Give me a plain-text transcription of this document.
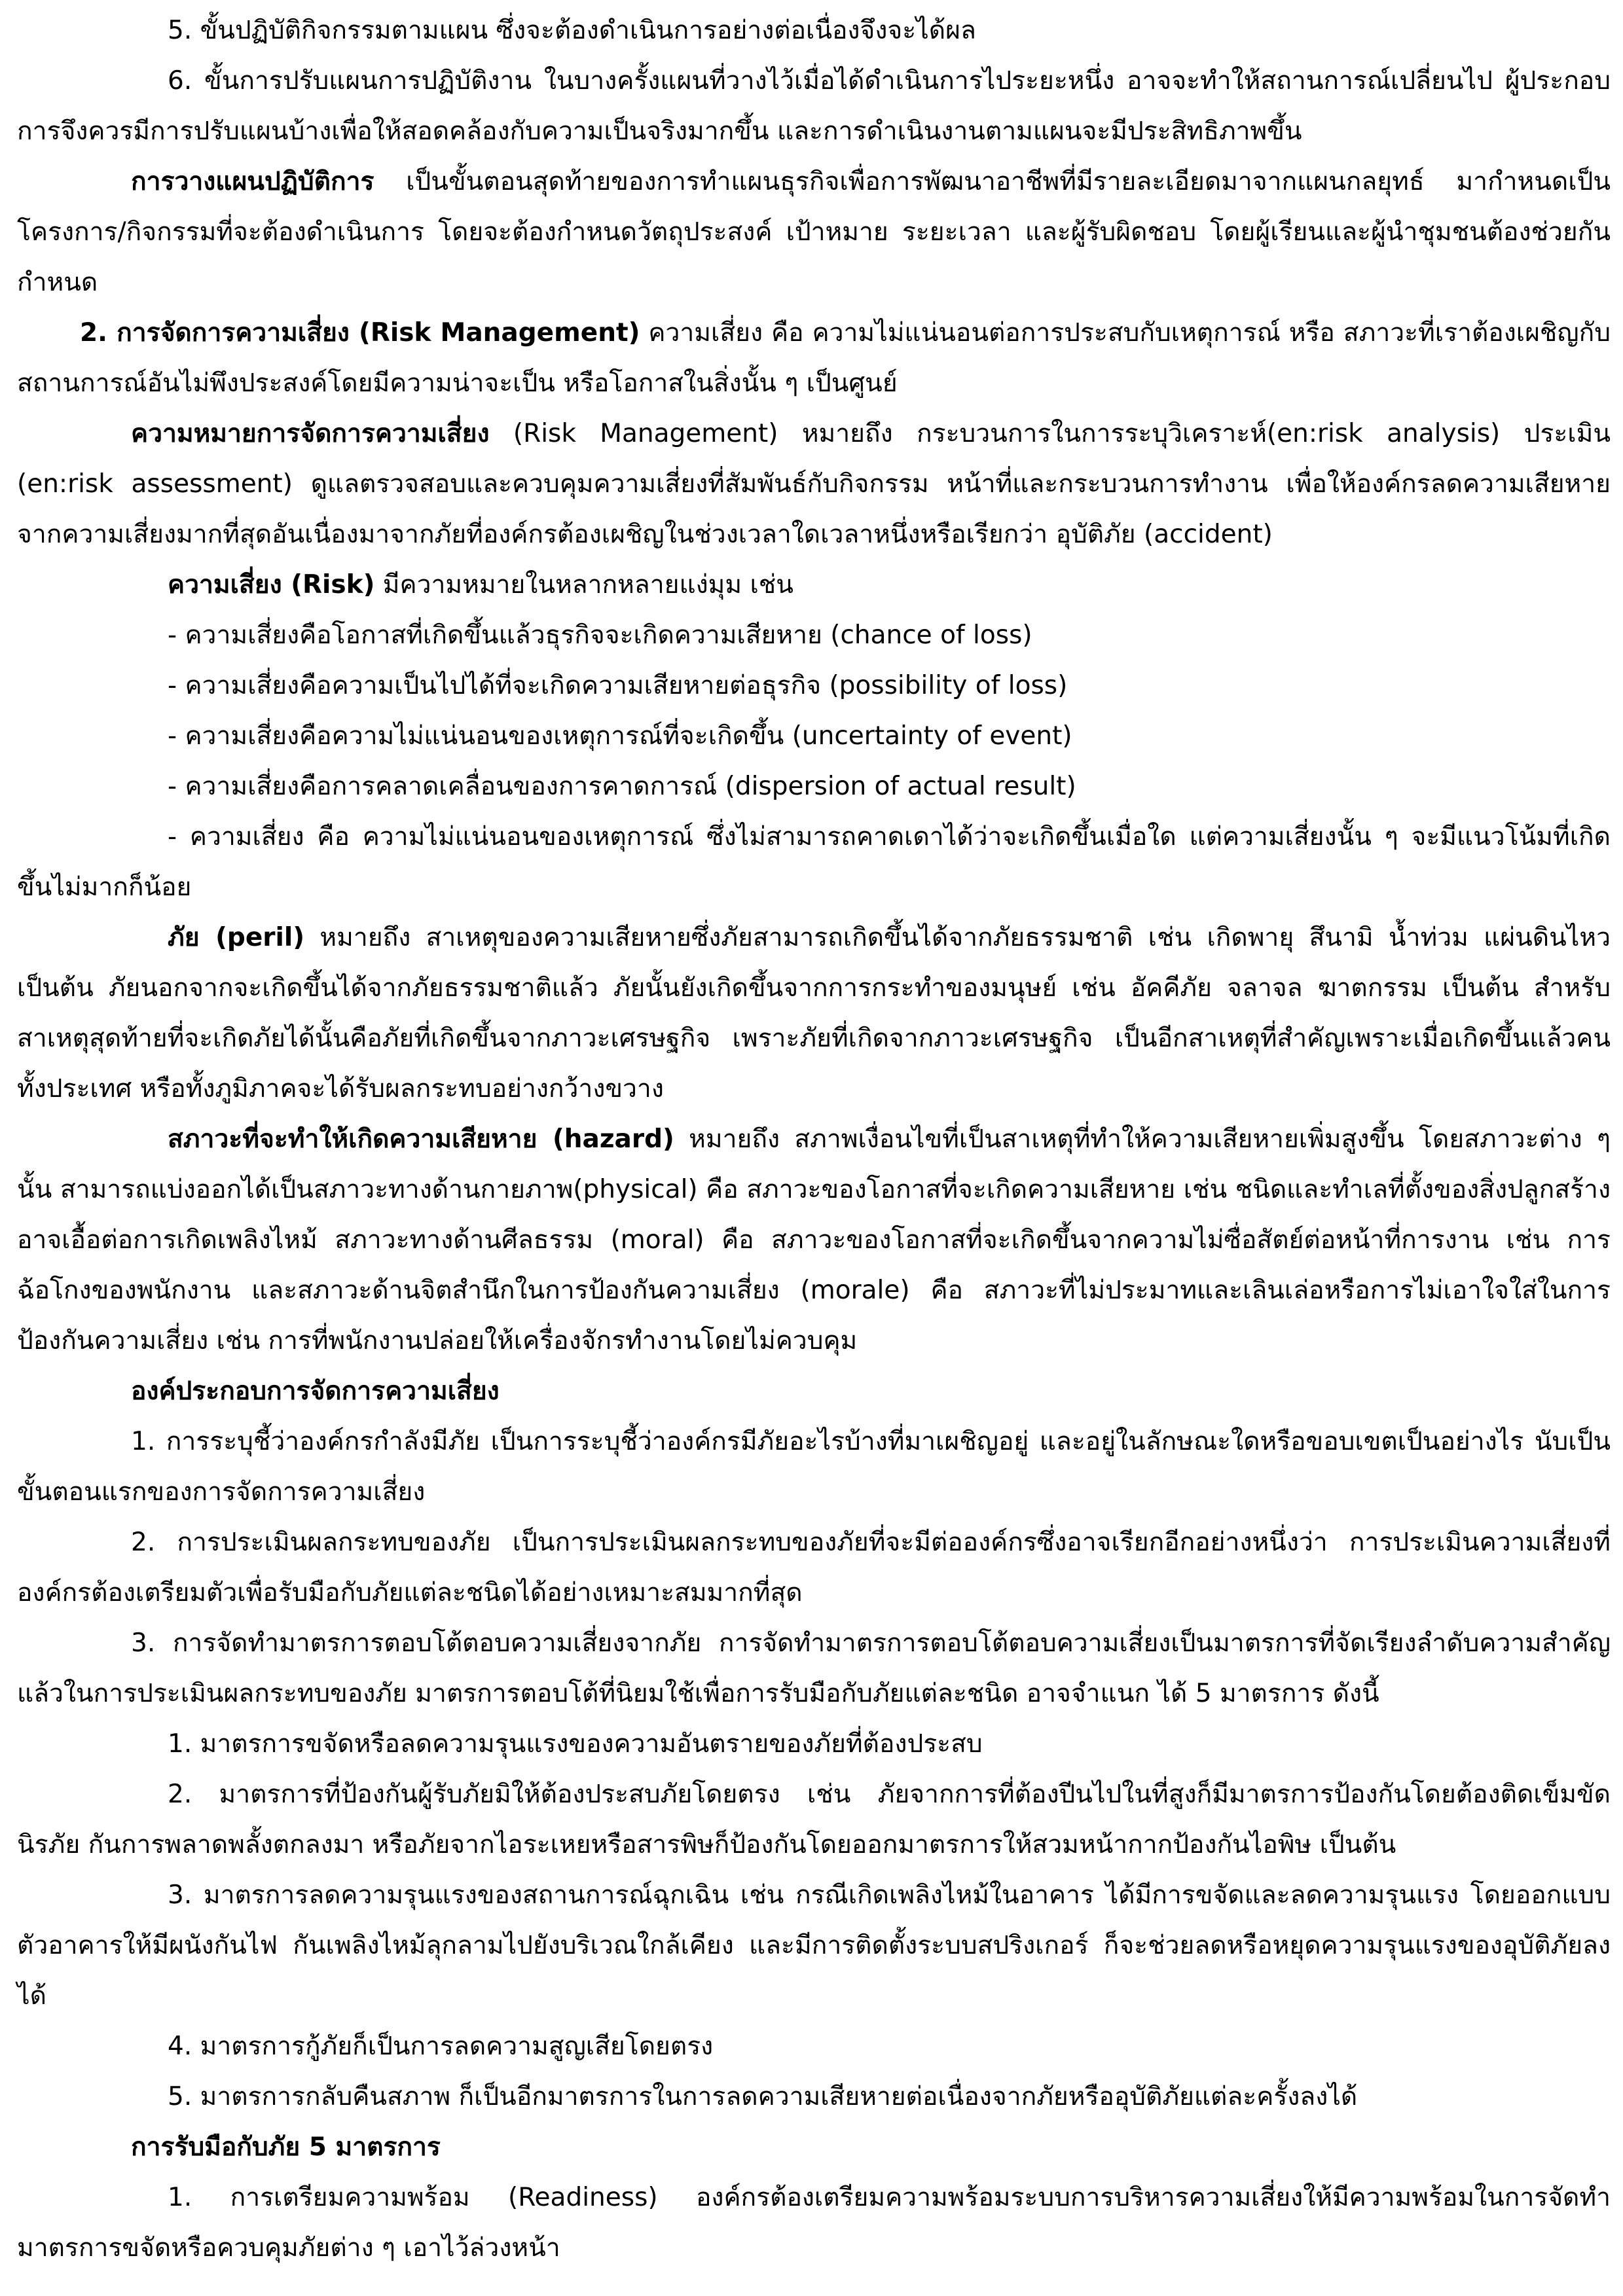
5. ขั้นปฏิบัติกิจกรรมตามแผน ซึ่งจะต้องดำเนินการอย่างต่อเนื่องจึงจะได้ผล

6. ขั้นการปรับแผนการปฏิบัติงาน ในบางครั้งแผนที่วางไว้เมื่อได้ดำเนินการไประยะหนึ่ง อาจจะทำให้สถานการณ์เปลี่ยนไป ผู้ประกอบการจึงควรมีการปรับแผนบ้างเพื่อให้สอดคล้องกับความเป็นจริงมากขึ้น และการดำเนินงานตามแผนจะมีประสิทธิภาพขึ้น

การวางแผนปฏิบัติการ เป็นขั้นตอนสุดท้ายของการทำแผนธุรกิจเพื่อการพัฒนาอาชีพที่มีรายละเอียดมาจากแผนกลยุทธ์ มากำหนดเป็นโครงการ/กิจกรรมที่จะต้องดำเนินการ โดยจะต้องกำหนดวัตถุประสงค์ เป้าหมาย ระยะเวลา และผู้รับผิดชอบ โดยผู้เรียนและผู้นำชุมชนต้องช่วยกันกำหนด

2. การจัดการความเสี่ยง (Risk Management) ความเสี่ยง คือ ความไม่แน่นอนต่อการประสบกับเหตุการณ์ หรือ สภาวะที่เราต้องเผชิญกับสถานการณ์อันไม่พึงประสงค์โดยมีความน่าจะเป็น หรือโอกาสในสิ่งนั้น ๆ เป็นศูนย์

ความหมายการจัดการความเสี่ยง (Risk Management) หมายถึง กระบวนการในการระบุวิเคราะห์(en:risk analysis) ประเมิน (en:risk assessment) ดูแลตรวจสอบและควบคุมความเสี่ยงที่สัมพันธ์กับกิจกรรม หน้าที่และกระบวนการทำงาน เพื่อให้องค์กรลดความเสียหายจากความเสี่ยงมากที่สุดอันเนื่องมาจากภัยที่องค์กรต้องเผชิญในช่วงเวลาใดเวลาหนึ่งหรือเรียกว่า อุบัติภัย (accident)

ความเสี่ยง (Risk) มีความหมายในหลากหลายแง่มุม เช่น

- ความเสี่ยงคือโอกาสที่เกิดขึ้นแล้วธุรกิจจะเกิดความเสียหาย (chance of loss)

- ความเสี่ยงคือความเป็นไปได้ที่จะเกิดความเสียหายต่อธุรกิจ (possibility of loss)

- ความเสี่ยงคือความไม่แน่นอนของเหตุการณ์ที่จะเกิดขึ้น (uncertainty of event)

- ความเสี่ยงคือการคลาดเคลื่อนของการคาดการณ์ (dispersion of actual result)

- ความเสี่ยง คือ ความไม่แน่นอนของเหตุการณ์ ซึ่งไม่สามารถคาดเดาได้ว่าจะเกิดขึ้นเมื่อใด แต่ความเสี่ยงนั้น ๆ จะมีแนวโน้มที่เกิดขึ้นไม่มากก็น้อย

ภัย (peril) หมายถึง สาเหตุของความเสียหายซึ่งภัยสามารถเกิดขึ้นได้จากภัยธรรมชาติ เช่น เกิดพายุ สึนามิ น้ำท่วม แผ่นดินไหว เป็นต้น ภัยนอกจากจะเกิดขึ้นได้จากภัยธรรมชาติแล้ว ภัยนั้นยังเกิดขึ้นจากการกระทำของมนุษย์ เช่น อัคคีภัย จลาจล ฆาตกรรม เป็นต้น สำหรับสาเหตุสุดท้ายที่จะเกิดภัยได้นั้นคือภัยที่เกิดขึ้นจากภาวะเศรษฐกิจ เพราะภัยที่เกิดจากภาวะเศรษฐกิจ เป็นอีกสาเหตุที่สำคัญเพราะเมื่อเกิดขึ้นแล้วคนทั้งประเทศ หรือทั้งภูมิภาคจะได้รับผลกระทบอย่างกว้างขวาง

สภาวะที่จะทำให้เกิดความเสียหาย (hazard) หมายถึง สภาพเงื่อนไขที่เป็นสาเหตุที่ทำให้ความเสียหายเพิ่มสูงขึ้น โดยสภาวะต่าง ๆ นั้น สามารถแบ่งออกได้เป็นสภาวะทางด้านกายภาพ(physical) คือ สภาวะของโอกาสที่จะเกิดความเสียหาย เช่น ชนิดและทำเลที่ตั้งของสิ่งปลูกสร้าง อาจเอื้อต่อการเกิดเพลิงไหม้ สภาวะทางด้านศีลธรรม (moral) คือ สภาวะของโอกาสที่จะเกิดขึ้นจากความไม่ซื่อสัตย์ต่อหน้าที่การงาน เช่น การฉ้อโกงของพนักงาน และสภาวะด้านจิตสำนึกในการป้องกันความเสี่ยง (morale) คือ สภาวะที่ไม่ประมาทและเลินเล่อหรือการไม่เอาใจใส่ในการป้องกันความเสี่ยง เช่น การที่พนักงานปล่อยให้เครื่องจักรทำงานโดยไม่ควบคุม

องค์ประกอบการจัดการความเสี่ยง

1. การระบุชี้ว่าองค์กรกำลังมีภัย เป็นการระบุชี้ว่าองค์กรมีภัยอะไรบ้างที่มาเผชิญอยู่ และอยู่ในลักษณะใดหรือขอบเขตเป็นอย่างไร นับเป็นขั้นตอนแรกของการจัดการความเสี่ยง

2. การประเมินผลกระทบของภัย เป็นการประเมินผลกระทบของภัยที่จะมีต่อองค์กรซึ่งอาจเรียกอีกอย่างหนึ่งว่า การประเมินความเสี่ยงที่องค์กรต้องเตรียมตัวเพื่อรับมือกับภัยแต่ละชนิดได้อย่างเหมาะสมมากที่สุด

3. การจัดทำมาตรการตอบโต้ตอบความเสี่ยงจากภัย การจัดทำมาตรการตอบโต้ตอบความเสี่ยงเป็นมาตรการที่จัดเรียงลำดับความสำคัญแล้วในการประเมินผลกระทบของภัย มาตรการตอบโต้ที่นิยมใช้เพื่อการรับมือกับภัยแต่ละชนิด อาจจำแนก ได้ 5 มาตรการ ดังนี้

1. มาตรการขจัดหรือลดความรุนแรงของความอันตรายของภัยที่ต้องประสบ

2. มาตรการที่ป้องกันผู้รับภัยมิให้ต้องประสบภัยโดยตรง เช่น ภัยจากการที่ต้องปีนไปในที่สูงก็มีมาตรการป้องกันโดยต้องติดเข็มขัดนิรภัย กันการพลาดพลั้งตกลงมา หรือภัยจากไอระเหยหรือสารพิษก็ป้องกันโดยออกมาตรการให้สวมหน้ากากป้องกันไอพิษ เป็นต้น

3. มาตรการลดความรุนแรงของสถานการณ์ฉุกเฉิน เช่น กรณีเกิดเพลิงไหม้ในอาคาร ได้มีการขจัดและลดความรุนแรง โดยออกแบบตัวอาคารให้มีผนังกันไฟ กันเพลิงไหม้ลุกลามไปยังบริเวณใกล้เคียง และมีการติดตั้งระบบสปริงเกอร์ ก็จะช่วยลดหรือหยุดความรุนแรงของอุบัติภัยลงได้

4. มาตรการกู้ภัยก็เป็นการลดความสูญเสียโดยตรง

5. มาตรการกลับคืนสภาพ ก็เป็นอีกมาตรการในการลดความเสียหายต่อเนื่องจากภัยหรืออุบัติภัยแต่ละครั้งลงได้

การรับมือกับภัย 5 มาตรการ

1. การเตรียมความพร้อม (Readiness) องค์กรต้องเตรียมความพร้อมระบบการบริหารความเสี่ยงให้มีความพร้อมในการจัดทำมาตรการขจัดหรือควบคุมภัยต่าง ๆ เอาไว้ล่วงหน้า
